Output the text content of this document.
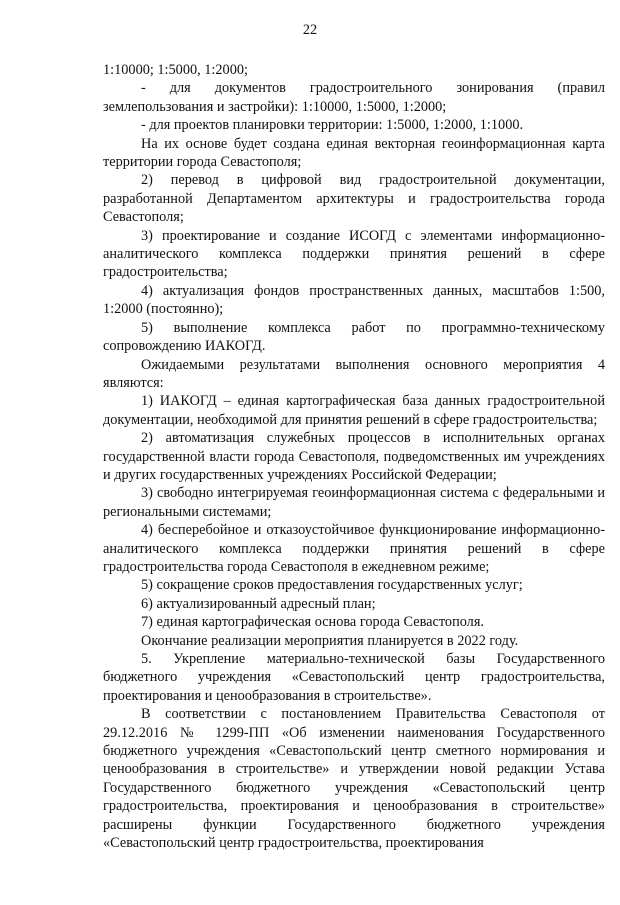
22

1:10000; 1:5000, 1:2000;

- для документов градостроительного зонирования (правил землепользования и застройки): 1:10000, 1:5000, 1:2000;

- для проектов планировки территории: 1:5000, 1:2000, 1:1000.

На их основе будет создана единая векторная геоинформационная карта территории города Севастополя;

2) перевод в цифровой вид градостроительной документации, разработанной Департаментом архитектуры и градостроительства города Севастополя;

3) проектирование и создание ИСОГД с элементами информационно-аналитического комплекса поддержки принятия решений в сфере градостроительства;

4) актуализация фондов пространственных данных, масштабов 1:500, 1:2000 (постоянно);

5) выполнение комплекса работ по программно-техническому сопровождению ИАКОГД.

Ожидаемыми результатами выполнения основного мероприятия 4 являются:

1) ИАКОГД – единая картографическая база данных градостроительной документации, необходимой для принятия решений в сфере градостроительства;

2) автоматизация служебных процессов в исполнительных органах государственной власти города Севастополя, подведомственных им учреждениях и других государственных учреждениях Российской Федерации;

3) свободно интегрируемая геоинформационная система с федеральными и региональными системами;

4) бесперебойное и отказоустойчивое функционирование информационно-аналитического комплекса поддержки принятия решений в сфере градостроительства города Севастополя в ежедневном режиме;

5) сокращение сроков предоставления государственных услуг;

6) актуализированный адресный план;

7) единая картографическая основа города Севастополя.

Окончание реализации мероприятия планируется в 2022 году.

5. Укрепление материально-технической базы Государственного бюджетного учреждения «Севастопольский центр градостроительства, проектирования и ценообразования в строительстве».

В соответствии с постановлением Правительства Севастополя от 29.12.2016 № 1299-ПП «Об изменении наименования Государственного бюджетного учреждения «Севастопольский центр сметного нормирования и ценообразования в строительстве» и утверждении новой редакции Устава Государственного бюджетного учреждения «Севастопольский центр градостроительства, проектирования и ценообразования в строительстве» расширены функции Государственного бюджетного учреждения «Севастопольский центр градостроительства, проектирования
